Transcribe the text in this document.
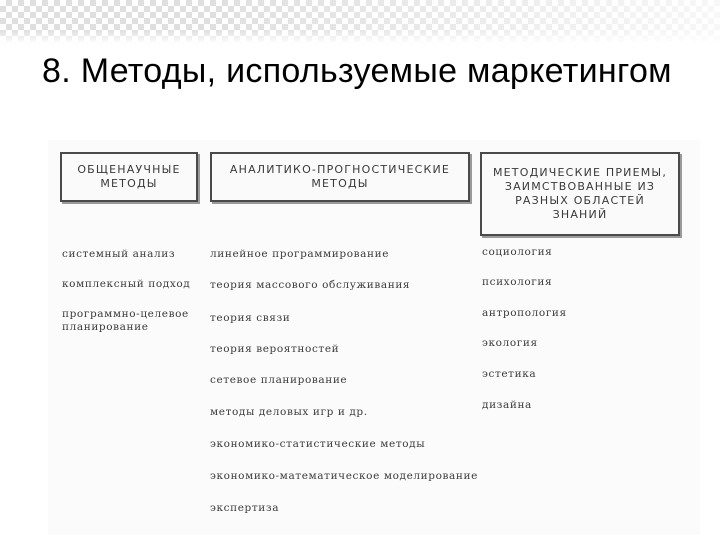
8. Методы, используемые маркетингом
ОБЩЕНАУЧНЫЕ
МЕТОДЫ
АНАЛИТИКО-ПРОГНОСТИЧЕСКИЕ
МЕТОДЫ
МЕТОДИЧЕСКИЕ ПРИЕМЫ,
ЗАИМСТВОВАННЫЕ ИЗ
РАЗНЫХ ОБЛАСТЕЙ
ЗНАНИЙ
системный анализ
комплексный подход
программно-целевое
планирование
линейное программирование
теория массового обслуживания
теория связи
теория вероятностей
сетевое планирование
методы деловых игр и др.
экономико-статистические методы
экономико-математическое моделирование
экспертиза
социология
психология
антропология
экология
эстетика
дизайна
